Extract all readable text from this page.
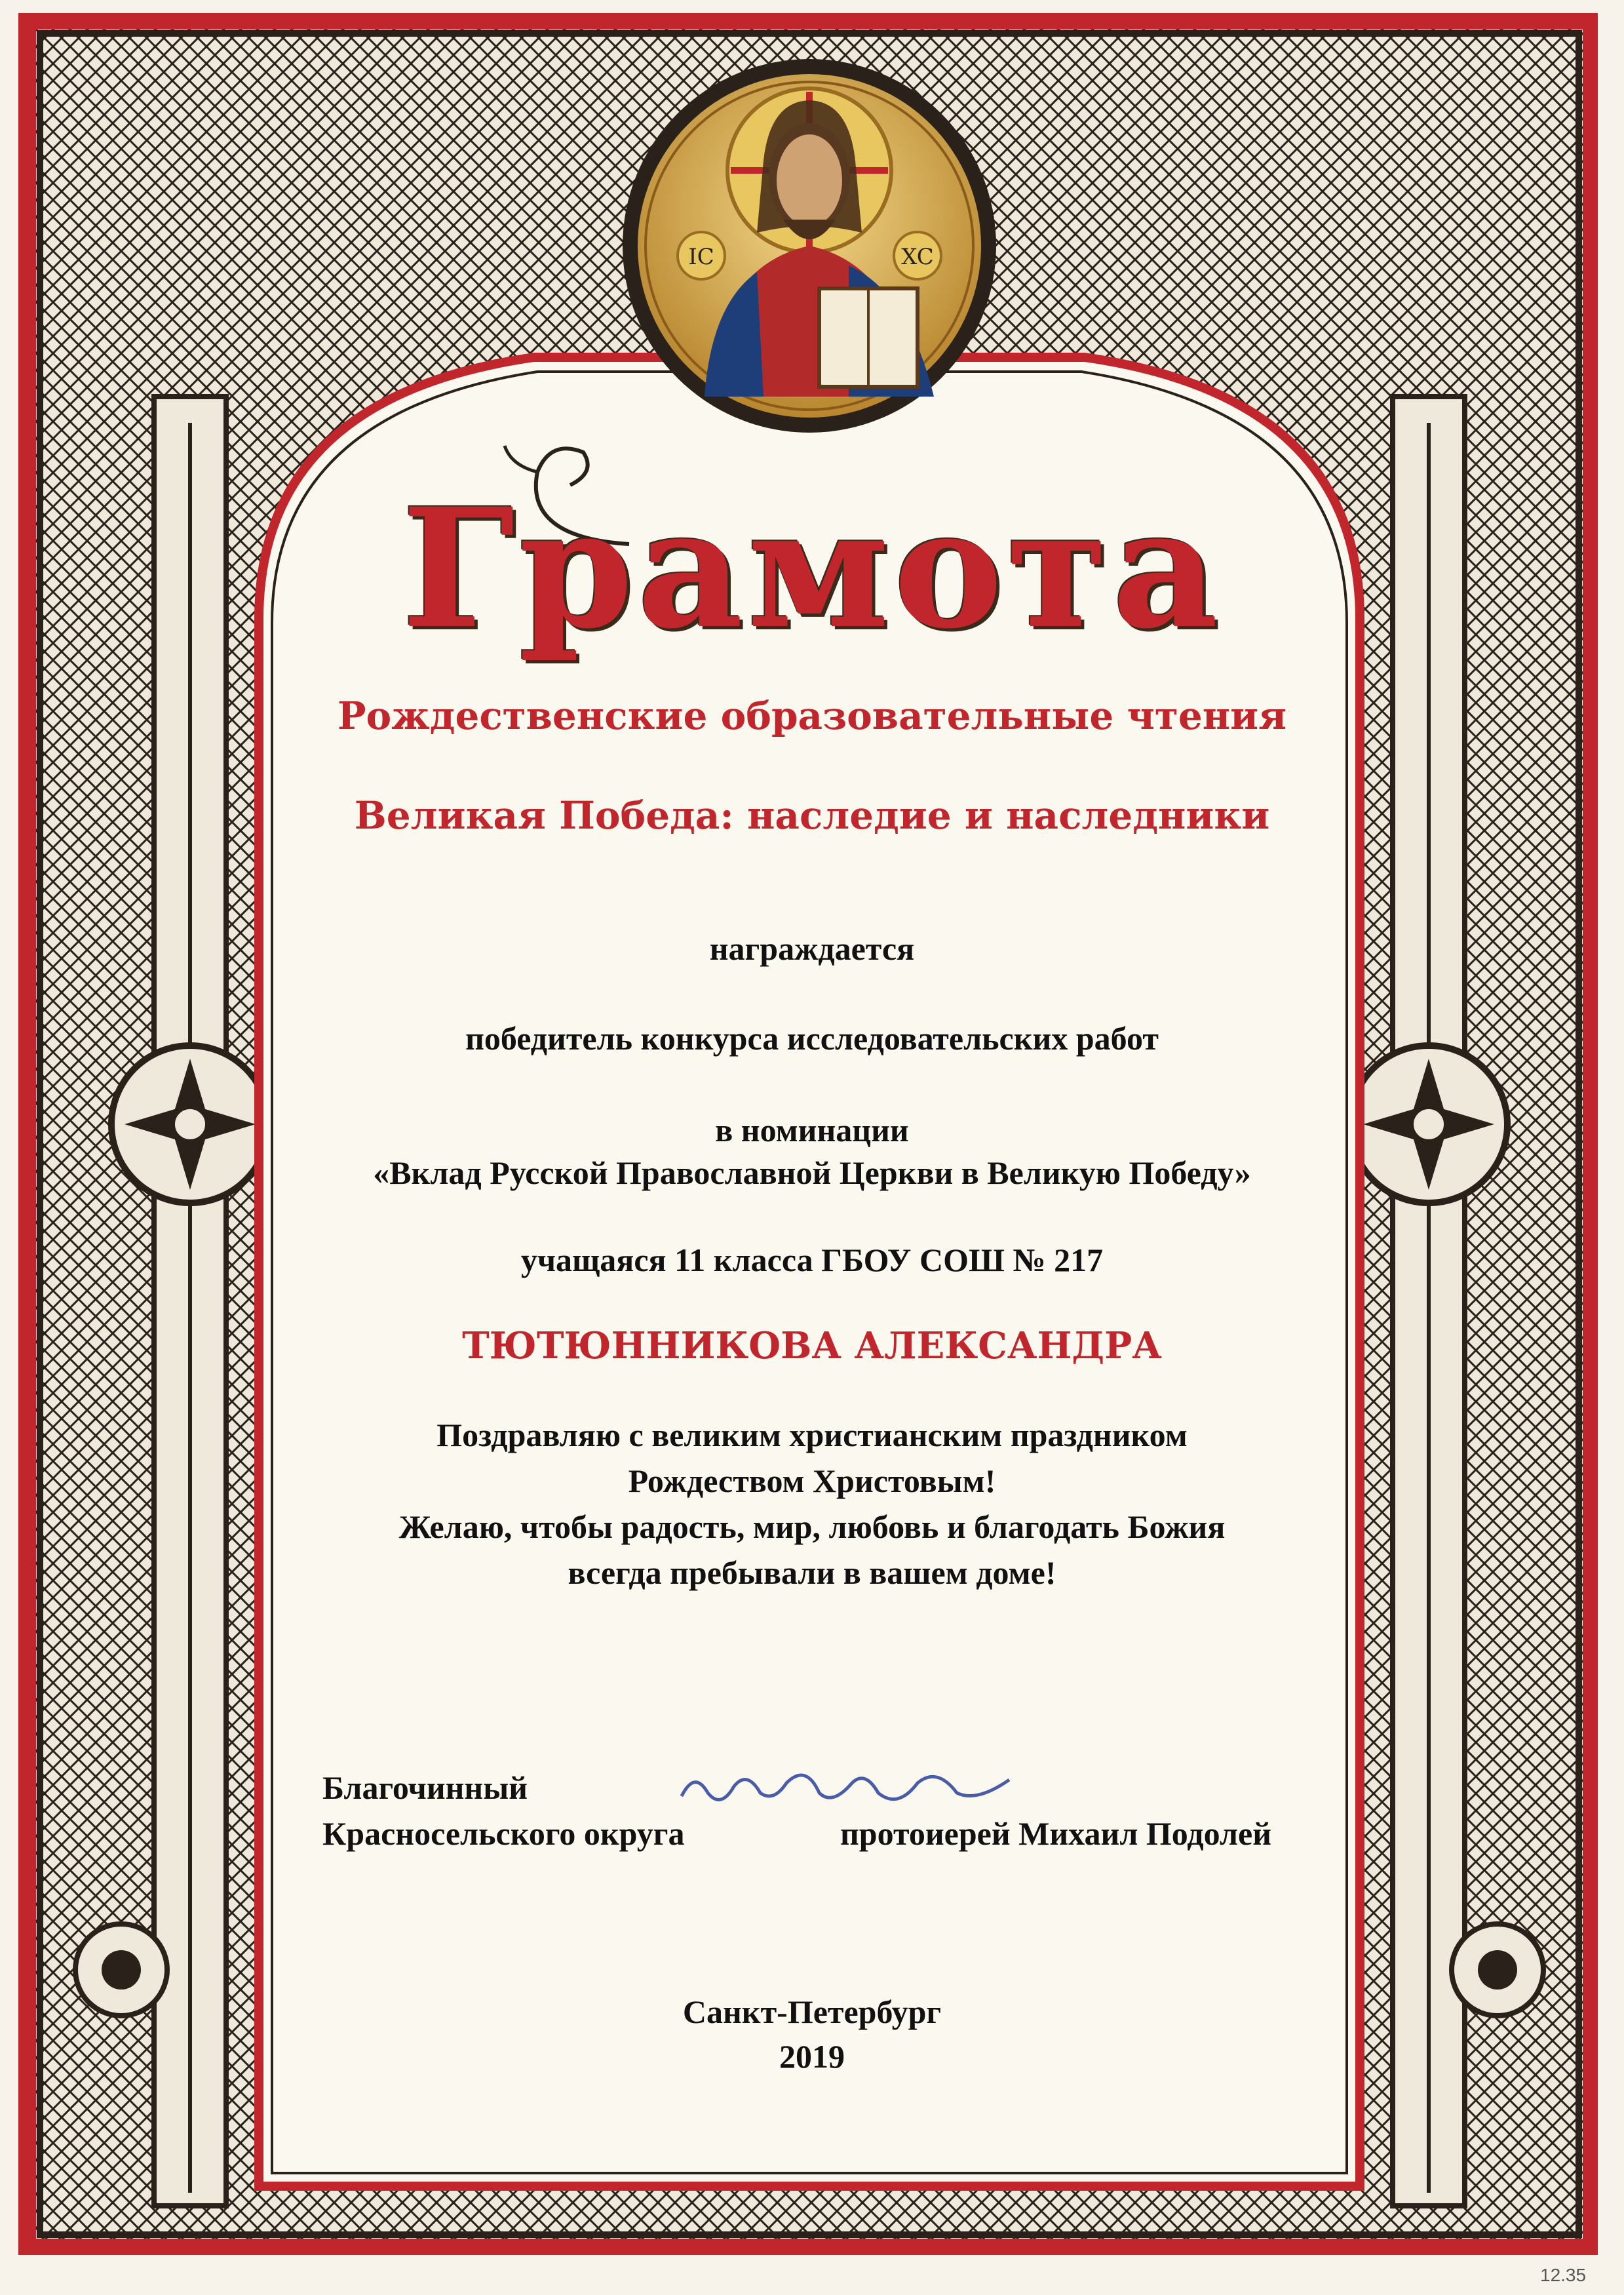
IC	XC
Грамота
Рождественские образовательные чтения
Великая Победа: наследие и наследники
награждается
победитель конкурса исследовательских работ
в номинации
«Вклад Русской Православной Церкви в Великую Победу»
учащаяся 11 класса ГБОУ СОШ № 217
ТЮТЮННИКОВА АЛЕКСАНДРА
Поздравляю с великим христианским праздником
Рождеством Христовым!
Желаю, чтобы радость, мир, любовь и благодать Божия
всегда пребывали в вашем доме!
Благочинный
Красносельского округа	протоиерей Михаил Подолей
Санкт-Петербург
2019
12.35
